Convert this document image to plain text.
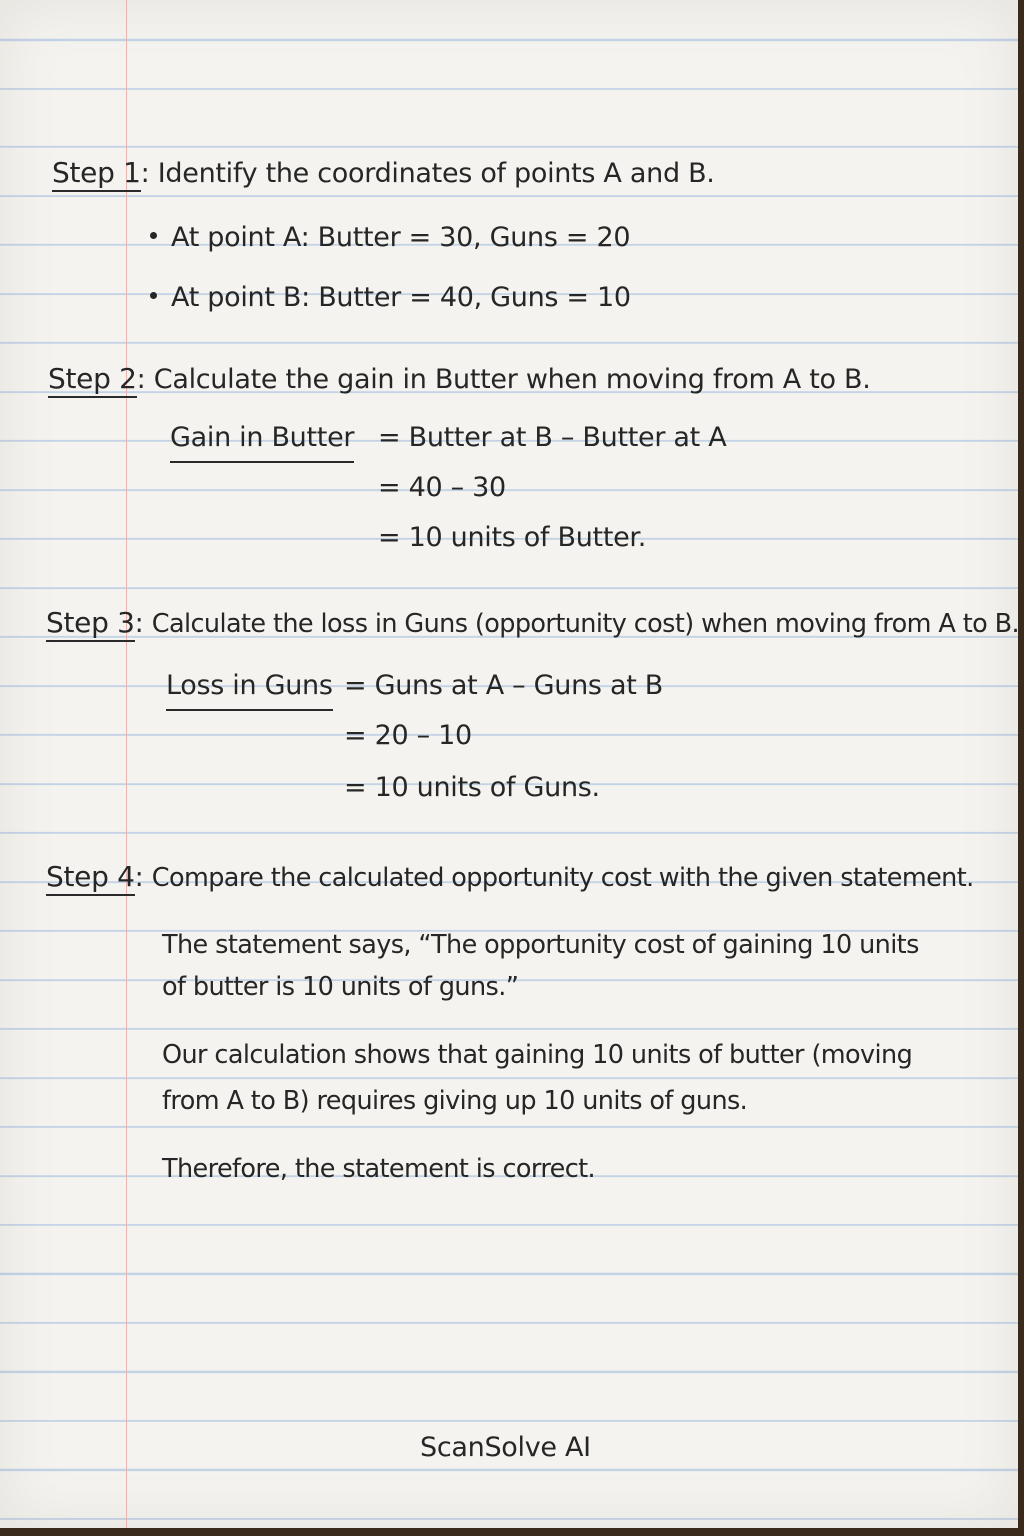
Step 1: Identify the coordinates of points A and B.
At point A: Butter = 30, Guns = 20
At point B: Butter = 40, Guns = 10
Step 2: Calculate the gain in Butter when moving from A to B.
Gain in Butter = Butter at B – Butter at A
= 40 – 30
= 10 units of Butter.
Step 3: Calculate the loss in Guns (opportunity cost) when moving from A to B.
Loss in Guns = Guns at A – Guns at B
= 20 – 10
= 10 units of Guns.
Step 4: Compare the calculated opportunity cost with the given statement.
The statement says, “The opportunity cost of gaining 10 units
of butter is 10 units of guns.”
Our calculation shows that gaining 10 units of butter (moving
from A to B) requires giving up 10 units of guns.
Therefore, the statement is correct.
ScanSolve AI
